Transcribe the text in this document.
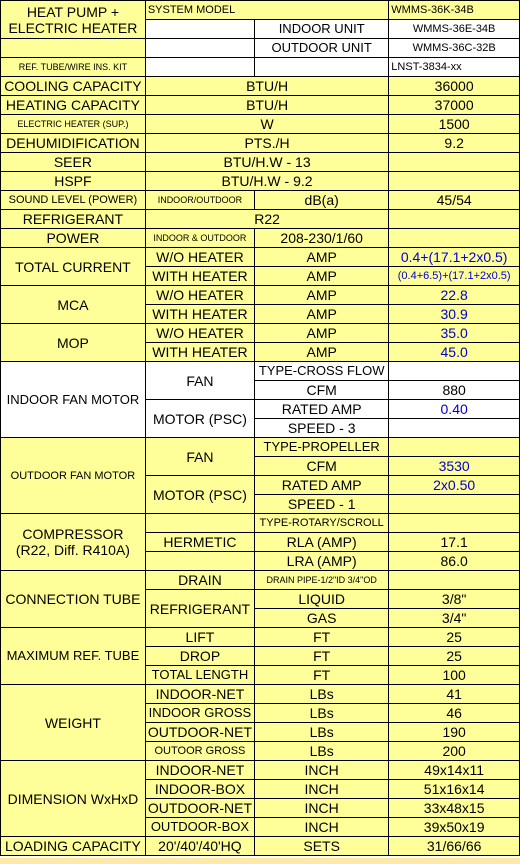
HEAT PUMP +
ELECTRIC HEATER	SYSTEM MODEL		WMMS-36K-34B
		INDOOR UNIT	WMMS-36E-34B
		OUTDOOR UNIT	WMMS-36C-32B
REF. TUBE/WIRE INS. KIT			LNST-3834-xx
COOLING CAPACITY	BTU/H		36000
HEATING CAPACITY	BTU/H		37000
ELECTRIC HEATER (SUP.)	W		1500
DEHUMIDIFICATION	PTS./H		9.2
SEER	BTU/H.W - 13		
HSPF	BTU/H.W - 9.2		
SOUND LEVEL (POWER)	INDOOR/OUTDOOR	dB(a)	45/54
REFRIGERANT	R22		
POWER	INDOOR & OUTDOOR	208-230/1/60	
TOTAL CURRENT	W/O HEATER	AMP	0.4+(17.1+2x0.5)
	WITH HEATER	AMP	(0.4+6.5)+(17.1+2x0.5)
MCA	W/O HEATER	AMP	22.8
	WITH HEATER	AMP	30.9
MOP	W/O HEATER	AMP	35.0
	WITH HEATER	AMP	45.0
INDOOR FAN MOTOR	FAN	TYPE-CROSS FLOW	
		CFM	880
	MOTOR (PSC)	RATED AMP	0.40
		SPEED - 3	
OUTDOOR FAN MOTOR	FAN	TYPE-PROPELLER	
		CFM	3530
	MOTOR (PSC)	RATED AMP	2x0.50
		SPEED - 1	
COMPRESSOR
(R22, Diff. R410A)		TYPE-ROTARY/SCROLL	
	HERMETIC	RLA (AMP)	17.1
		LRA (AMP)	86.0
CONNECTION TUBE	DRAIN	DRAIN PIPE-1/2"ID 3/4"OD	
	REFRIGERANT	LIQUID	3/8"
		GAS	3/4"
MAXIMUM REF. TUBE	LIFT	FT	25
	DROP	FT	25
	TOTAL LENGTH	FT	100
WEIGHT	INDOOR-NET	LBs	41
	INDOOR GROSS	LBs	46
	OUTDOOR-NET	LBs	190
	OUTOOR GROSS	LBs	200
DIMENSION WxHxD	INDOOR-NET	INCH	49x14x11
	INDOOR-BOX	INCH	51x16x14
	OUTDOOR-NET	INCH	33x48x15
	OUTDOOR-BOX	INCH	39x50x19
LOADING CAPACITY	20'/40'/40'HQ	SETS	31/66/66
